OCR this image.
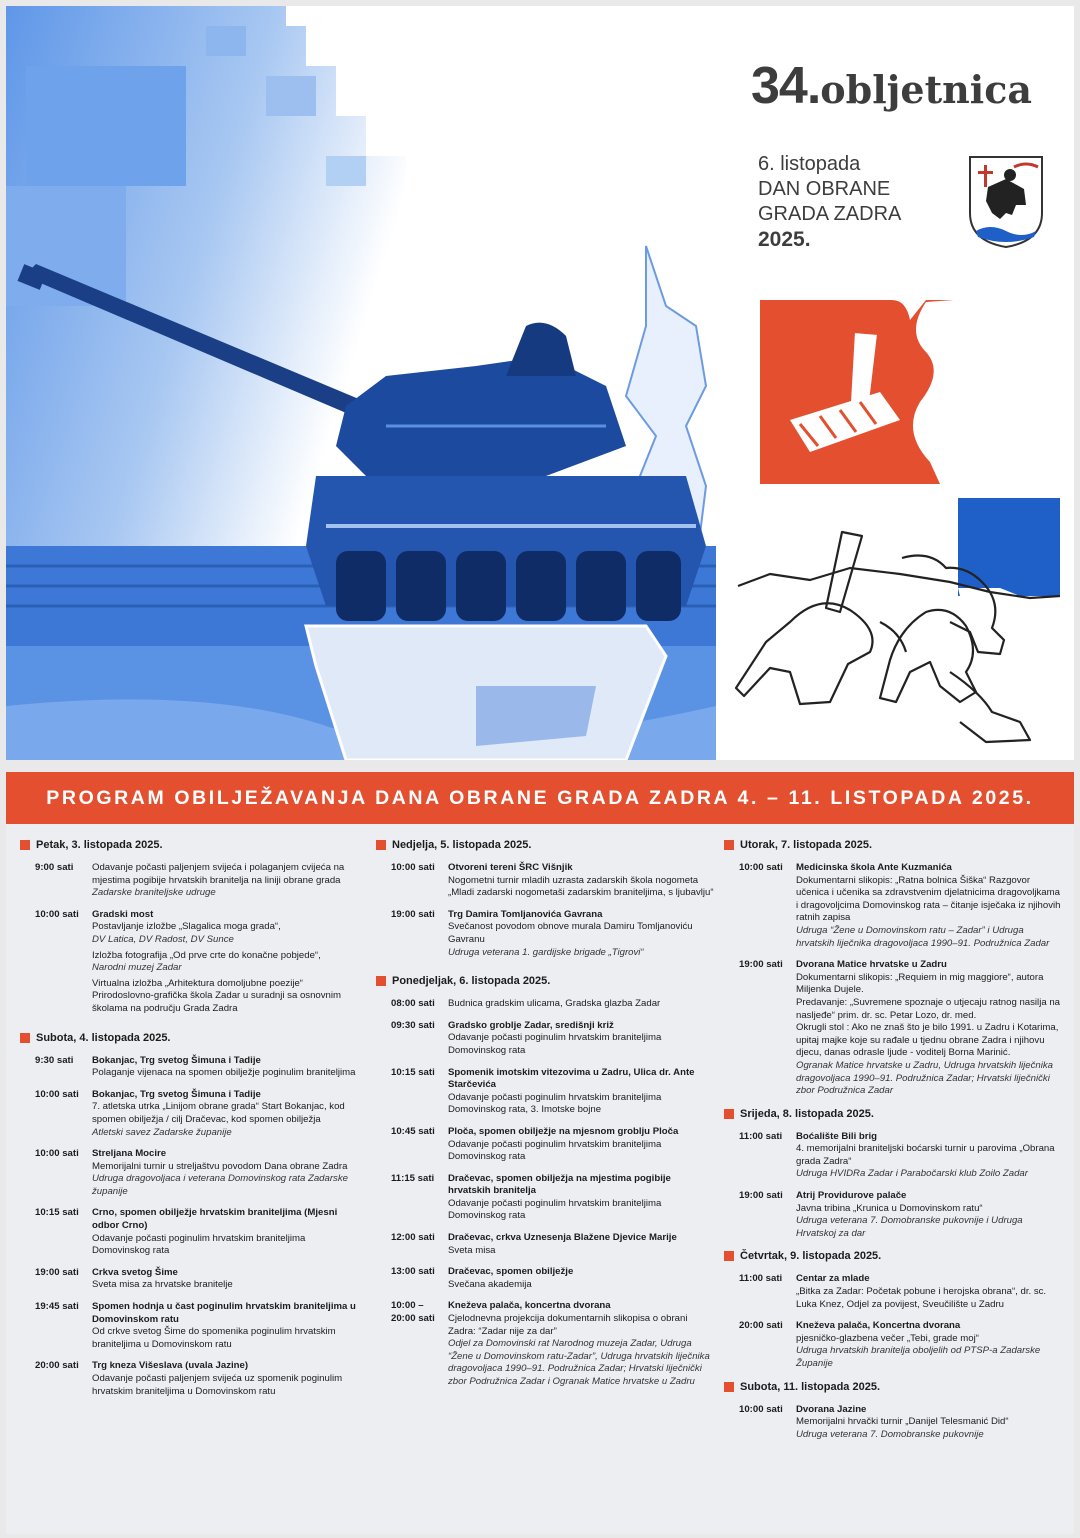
34.obljetnica
6. listopada
DAN OBRANE
GRADA ZADRA
2025.
PROGRAM OBILJEŽAVANJA DANA OBRANE GRADA ZADRA 4. – 11. LISTOPADA 2025.
Petak, 3. listopada 2025.
9:00 sati	Odavanje počasti paljenjem svijeća i polaganjem cvijeća na mjestima pogibije hrvatskih branitelja na liniji obrane grada
Zadarske braniteljske udruge
10:00 sati	Gradski most
Postavljanje izložbe „Slagalica moga grada“,
DV Latica, DV Radost, DV Sunce
Izložba fotografija „Od prve crte do konačne pobjede“,
Narodni muzej Zadar
Virtualna izložba „Arhitektura domoljubne poezije“
Prirodoslovno-grafička škola Zadar u suradnji sa osnovnim školama na području Grada Zadra
Subota, 4. listopada 2025.
9:30 sati	Bokanjac, Trg svetog Šimuna i Tadije
Polaganje vijenaca na spomen obilježje poginulim braniteljima
10:00 sati	Bokanjac, Trg svetog Šimuna i Tadije
7. atletska utrka „Linijom obrane grada“ Start Bokanjac, kod spomen obilježja / cilj Dračevac, kod spomen obilježja
Atletski savez Zadarske županije
10:00 sati	Streljana Mocire
Memorijalni turnir u streljaštvu povodom Dana obrane Zadra
Udruga dragovoljaca i veterana Domovinskog rata Zadarske županije
10:15 sati	Crno, spomen obilježje hrvatskim braniteljima (Mjesni odbor Crno)
Odavanje počasti poginulim hrvatskim braniteljima Domovinskog rata
19:00 sati	Crkva svetog Šime
Sveta misa za hrvatske branitelje
19:45 sati	Spomen hodnja u čast poginulim hrvatskim braniteljima u Domovinskom ratu
Od crkve svetog Šime do spomenika poginulim hrvatskim braniteljima u Domovinskom ratu
20:00 sati	Trg kneza Višeslava (uvala Jazine)
Odavanje počasti paljenjem svijeća uz spomenik poginulim hrvatskim braniteljima u Domovinskom ratu
Nedjelja, 5. listopada 2025.
10:00 sati	Otvoreni tereni ŠRC Višnjik
Nogometni turnir mladih uzrasta zadarskih škola nogometa „Mladi zadarski nogometaši zadarskim braniteljima, s ljubavlju“
19:00 sati	Trg Damira Tomljanovića Gavrana
Svečanost povodom obnove murala Damiru Tomljanoviću Gavranu
Udruga veterana 1. gardijske brigade „Tigrovi“
Ponedjeljak, 6. listopada 2025.
08:00 sati	Budnica gradskim ulicama, Gradska glazba Zadar
09:30 sati	Gradsko groblje Zadar, središnji križ
Odavanje počasti poginulim hrvatskim braniteljima Domovinskog rata
10:15 sati	Spomenik imotskim vitezovima u Zadru, Ulica dr. Ante Starčevića
Odavanje počasti poginulim hrvatskim braniteljima Domovinskog rata, 3. Imotske bojne
10:45 sati	Ploča, spomen obilježje na mjesnom groblju Ploča
Odavanje počasti poginulim hrvatskim braniteljima Domovinskog rata
11:15 sati	Dračevac, spomen obilježja na mjestima pogibije hrvatskih branitelja
Odavanje počasti poginulim hrvatskim braniteljima Domovinskog rata
12:00 sati	Dračevac, crkva Uznesenja Blažene Djevice Marije
Sveta misa
13:00 sati	Dračevac, spomen obilježje
Svečana akademija
10:00 –
20:00 sati
Kneževa palača, koncertna dvorana
Cjelodnevna projekcija dokumentarnih slikopisa o obrani Zadra: “Zadar nije za dar”
Odjel za Domovinski rat Narodnog muzeja Zadar, Udruga “Žene u Domovinskom ratu-Zadar”, Udruga hrvatskih liječnika dragovoljaca 1990–91. Podružnica Zadar; Hrvatski liječnički zbor Podružnica Zadar i Ogranak Matice hrvatske u Zadru
Utorak, 7. listopada 2025.
10:00 sati	Medicinska škola Ante Kuzmanića
Dokumentarni slikopis: „Ratna bolnica Šiška“ Razgovor učenica i učenika sa zdravstvenim djelatnicima dragovoljkama i dragovoljcima Domovinskog rata – čitanje isječaka iz njihovih ratnih zapisa
Udruga “Žene u Domovinskom ratu – Zadar” i Udruga hrvatskih liječnika dragovoljaca 1990–91. Podružnica Zadar
19:00 sati	Dvorana Matice hrvatske u Zadru
Dokumentarni slikopis: „Requiem in mig maggiore“, autora Miljenka Dujele.
Predavanje: „Suvremene spoznaje o utjecaju ratnog nasilja na nasljeđe“ prim. dr. sc. Petar Lozo, dr. med.
Okrugli stol : Ako ne znaš što je bilo 1991. u Zadru i Kotarima, upitaj majke koje su rađale u tjednu obrane Zadra i njihovu djecu, danas odrasle ljude - voditelj Borna Marinić.
Ogranak Matice hrvatske u Zadru, Udruga hrvatskih liječnika dragovoljaca 1990–91. Podružnica Zadar; Hrvatski liječnički zbor Podružnica Zadar
Srijeda, 8. listopada 2025.
11:00 sati	Boćalište Bili brig
4. memorijalni braniteljski boćarski turnir u parovima „Obrana grada Zadra“
Udruga HVIDRa Zadar i Parabočarski klub Zoilo Zadar
19:00 sati	Atrij Providurove palače
Javna tribina „Krunica u Domovinskom ratu“
Udruga veterana 7. Domobranske pukovnije i Udruga Hrvatskoj za dar
Četvrtak, 9. listopada 2025.
11:00 sati	Centar za mlade
„Bitka za Zadar: Početak pobune i herojska obrana“, dr. sc. Luka Knez, Odjel za povijest, Sveučilište u Zadru
20:00 sati	Kneževa palača, Koncertna dvorana
pjesničko-glazbena večer „Tebi, grade moj“
Udruga hrvatskih branitelja oboljelih od PTSP-a Zadarske Županije
Subota, 11. listopada 2025.
10:00 sati	Dvorana Jazine
Memorijalni hrvački turnir „Danijel Telesmanić Did“
Udruga veterana 7. Domobranske pukovnije
